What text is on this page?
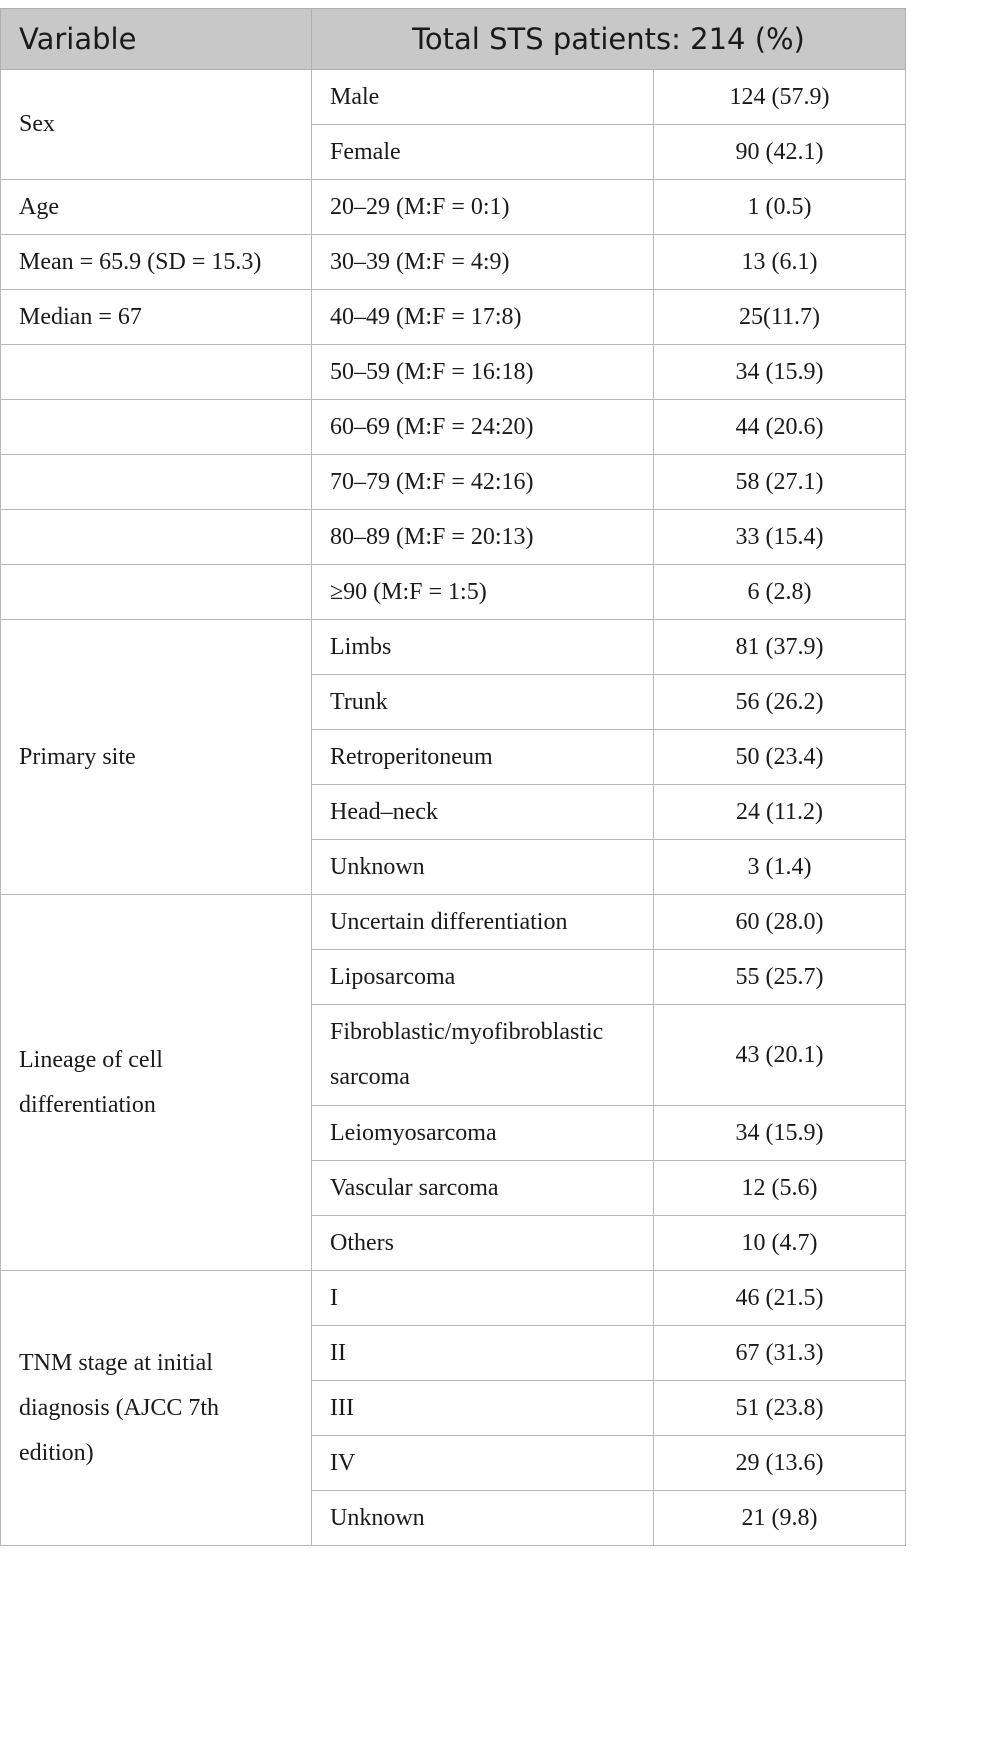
Variable	Total STS patients: 214 (%)	
Sex	Male	124 (57.9)
	Female	90 (42.1)
Age	20–29 (M:F = 0:1)	1 (0.5)
Mean = 65.9 (SD = 15.3)	30–39 (M:F = 4:9)	13 (6.1)
Median = 67	40–49 (M:F = 17:8)	25(11.7)
	50–59 (M:F = 16:18)	34 (15.9)
	60–69 (M:F = 24:20)	44 (20.6)
	70–79 (M:F = 42:16)	58 (27.1)
	80–89 (M:F = 20:13)	33 (15.4)
	≥90 (M:F = 1:5)	6 (2.8)
Primary site	Limbs	81 (37.9)
	Trunk	56 (26.2)
	Retroperitoneum	50 (23.4)
	Head–neck	24 (11.2)
	Unknown	3 (1.4)
Lineage of cell differentiation	Uncertain differentiation	60 (28.0)
	Liposarcoma	55 (25.7)
	Fibroblastic/myofibroblastic sarcoma	43 (20.1)
	Leiomyosarcoma	34 (15.9)
	Vascular sarcoma	12 (5.6)
	Others	10 (4.7)
TNM stage at initial diagnosis (AJCC 7th edition)	I	46 (21.5)
	II	67 (31.3)
	III	51 (23.8)
	IV	29 (13.6)
	Unknown	21 (9.8)
